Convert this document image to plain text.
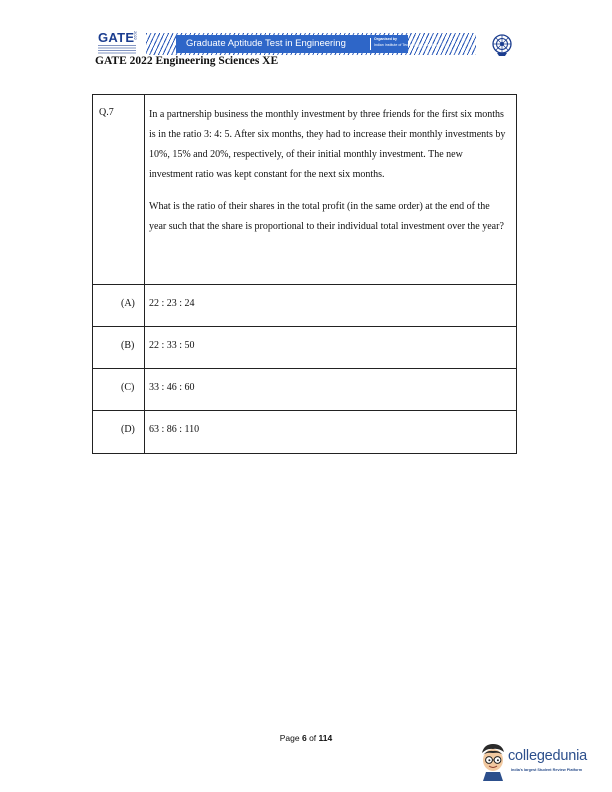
GATE
2022
Graduate Aptitude Test in Engineering	Organised by
Indian Institute of Technology Kharagpur
GATE 2022 Engineering Sciences XE
Q.7	In a partnership business the monthly investment by three friends for the first six months is in the ratio 3: 4: 5. After six months, they had to increase their monthly investments by 10%, 15% and 20%, respectively, of their initial monthly investment. The new investment ratio was kept constant for the next six months.

What is the ratio of their shares in the total profit (in the same order) at the end of the year such that the share is proportional to their individual total investment over the year?

(A) 22 : 23 : 24
(B) 22 : 33 : 50
(C) 33 : 46 : 60
(D) 63 : 86 : 110
Page 6 of 114
collegedunia
India's largest Student Review Platform
